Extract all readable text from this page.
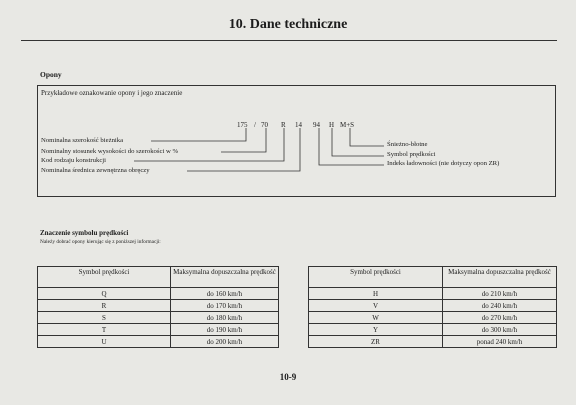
10. Dane techniczne
Opony
Przykładowe oznakowanie opony i jego znaczenie
175 / 70 R 14 94 H M+S
Nominalna szerokość bieżnika
Nominalny stosunek wysokości do szerokości w %
Kod rodzaju konstrukcji
Nominalna średnica zewnętrzna obręczy
Śnieżno-błotne
Symbol prędkości
Indeks ładowności (nie dotyczy opon ZR)
Znaczenie symbolu prędkości
Należy dobrać opony kierując się z poniższej informacji:
Symbol prędkości	Maksymalna dopuszczalna prędkość		Symbol prędkości	Maksymalna dopuszczalna prędkość
Q	do 160 km/h		H	do 210 km/h
R	do 170 km/h		V	do 240 km/h
S	do 180 km/h		W	do 270 km/h
T	do 190 km/h		Y	do 300 km/h
U	do 200 km/h		ZR	ponad 240 km/h
10-9
